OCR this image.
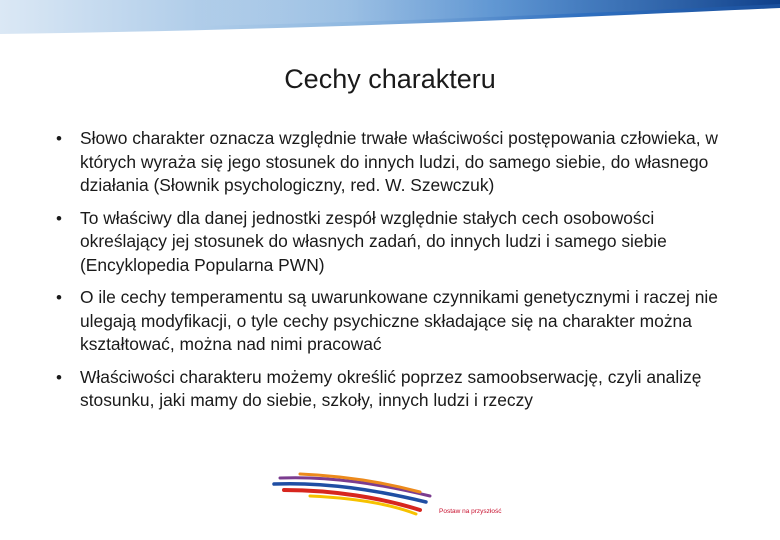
Cechy charakteru
• Słowo charakter oznacza względnie trwałe właściwości postępowania człowieka, w których wyraża się jego stosunek do innych ludzi, do samego siebie, do własnego działania (Słownik psychologiczny, red. W. Szewczuk)
• To właściwy dla danej jednostki zespół względnie stałych cech osobowości określający jej stosunek do własnych zadań, do innych ludzi i samego siebie (Encyklopedia Popularna PWN)
• O ile cechy temperamentu są uwarunkowane czynnikami genetycznymi i raczej nie ulegają modyfikacji, o tyle cechy psychiczne składające się na charakter można kształtować, można nad nimi pracować
• Właściwości charakteru możemy określić poprzez samoobserwację, czyli analizę stosunku, jaki mamy do siebie, szkoły, innych ludzi i rzeczy
Postaw na przyszłość
